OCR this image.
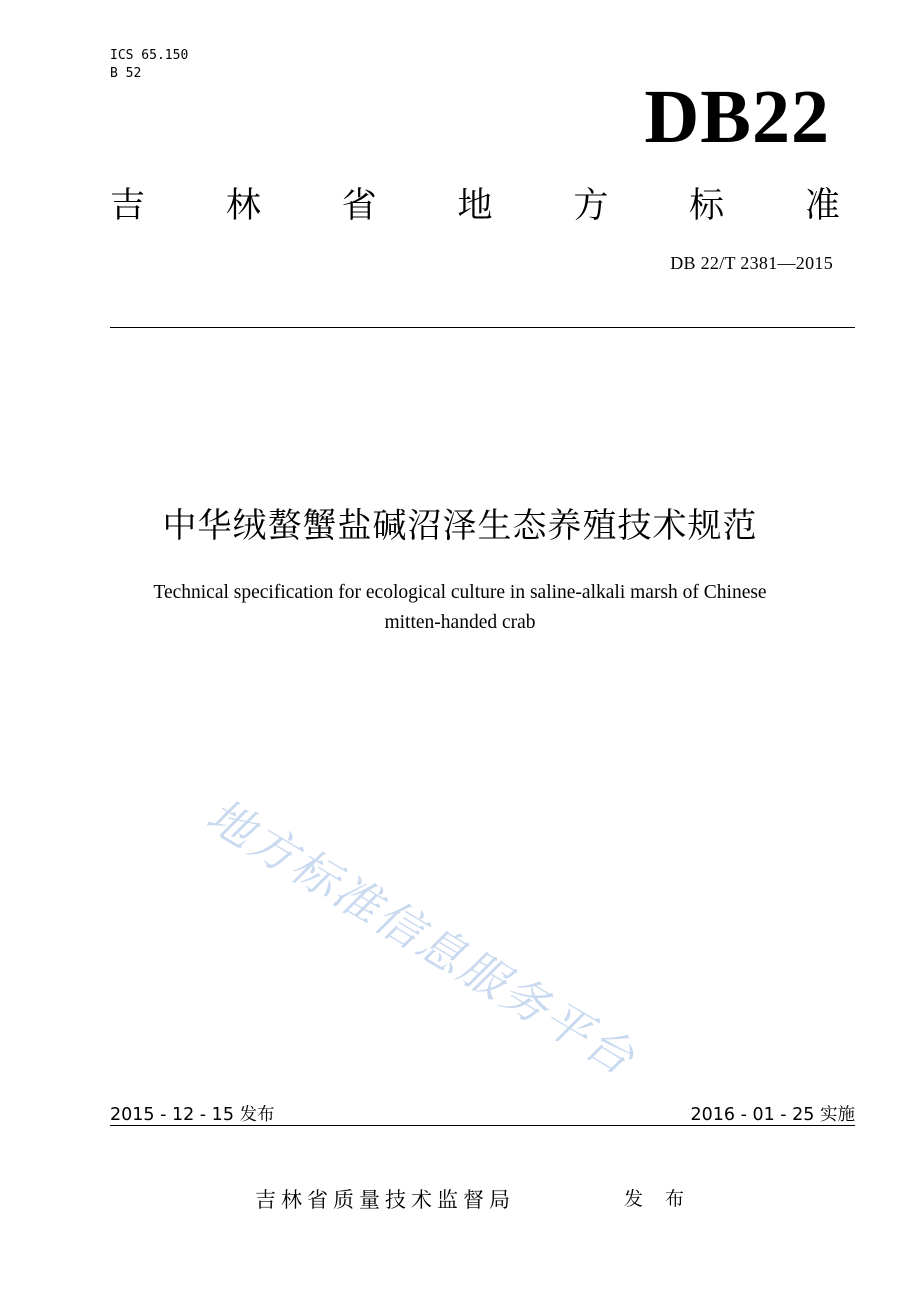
ICS 65.150
B 52
DB22
吉 林 省 地 方 标 准
DB 22/T 2381—2015
中华绒螯蟹盐碱沼泽生态养殖技术规范
Technical specification for ecological culture in saline-alkali marsh of Chinese
mitten-handed crab
地方标准信息服务平台
2015 - 12 - 15 发布	2016 - 01 - 25 实施
吉林省质量技术监督局	发 布
